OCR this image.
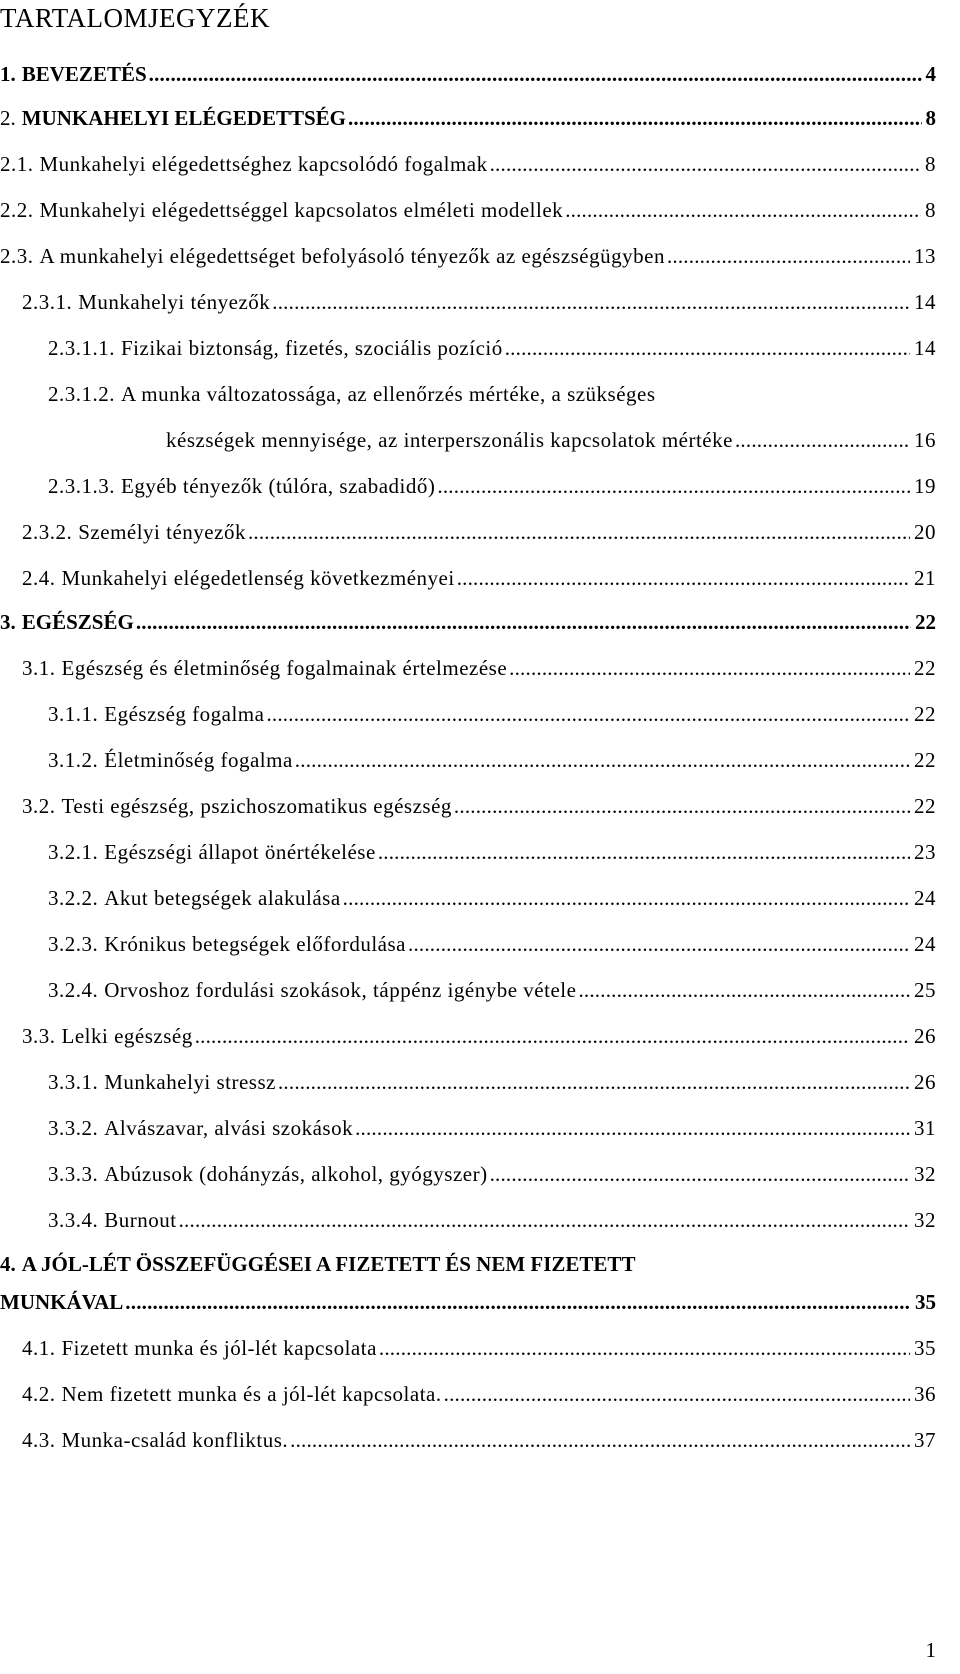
TARTALOMJEGYZÉK
1. BEVEZETÉS .....	4
2. MUNKAHELYI ELÉGEDETTSÉG .....	8
2.1. Munkahelyi elégedettséghez kapcsolódó fogalmak .....	8
2.2. Munkahelyi elégedettséggel kapcsolatos elméleti modellek .....	8
2.3. A munkahelyi elégedettséget befolyásoló tényezők az egészségügyben .....	13
2.3.1. Munkahelyi tényezők .....	14
2.3.1.1. Fizikai biztonság, fizetés, szociális pozíció .....	14
2.3.1.2. A munka változatossága, az ellenőrzés mértéke, a szükséges
készségek mennyisége, az interperszonális kapcsolatok mértéke .....	16
2.3.1.3. Egyéb tényezők (túlóra, szabadidő) .....	19
2.3.2. Személyi tényezők .....	20
2.4. Munkahelyi elégedetlenség következményei .....	21
3. EGÉSZSÉG .....	22
3.1. Egészség és életminőség fogalmainak értelmezése .....	22
3.1.1. Egészség fogalma .....	22
3.1.2. Életminőség fogalma .....	22
3.2. Testi egészség, pszichoszomatikus egészség .....	22
3.2.1. Egészségi állapot önértékelése .....	23
3.2.2. Akut betegségek alakulása .....	24
3.2.3. Krónikus betegségek előfordulása .....	24
3.2.4. Orvoshoz fordulási szokások, táppénz igénybe vétele .....	25
3.3. Lelki egészség .....	26
3.3.1. Munkahelyi stressz .....	26
3.3.2. Alvászavar, alvási szokások .....	31
3.3.3. Abúzusok (dohányzás, alkohol, gyógyszer) .....	32
3.3.4. Burnout .....	32
4. A JÓL-LÉT ÖSSZEFÜGGÉSEI A FIZETETT ÉS NEM FIZETETT
MUNKÁVAL .....	35
4.1. Fizetett munka és jól-lét kapcsolata .....	35
4.2. Nem fizetett munka és a jól-lét kapcsolata. .....	36
4.3. Munka-család konfliktus. .....	37
1
